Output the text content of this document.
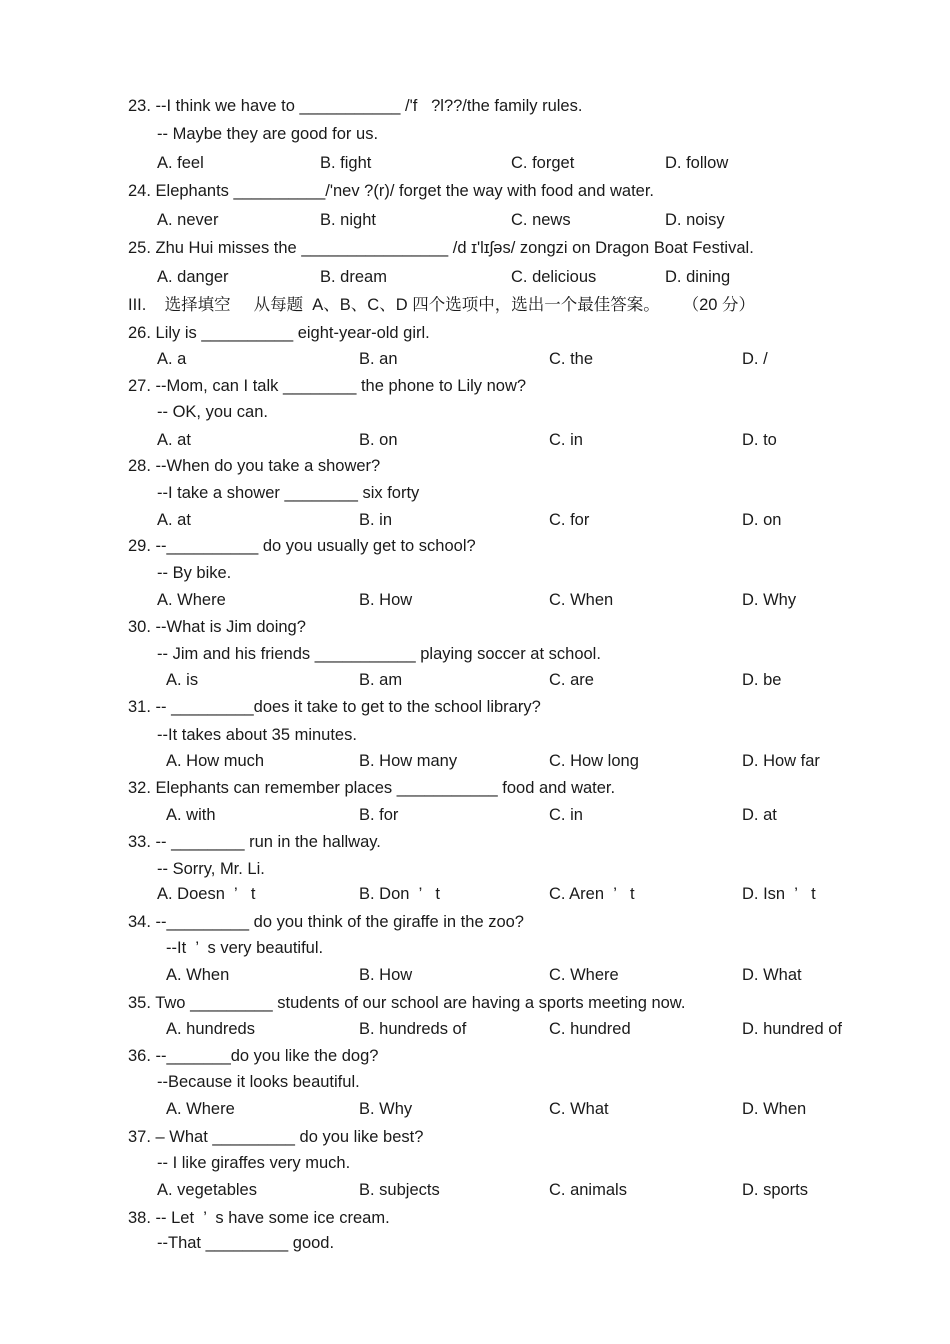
23. --I think we have to ___________ /'f   ?l??/the family rules.
-- Maybe they are good for us.
24. Elephants __________/'nev ?(r)/ forget the way with food and water.
25. Zhu Hui misses the ________________ /d ɪ'lɪʃəs/ zongzi on Dragon Boat Festival.
III.    选择填空     从每题  A、B、C、D 四个选项中，选出一个最佳答案。     （20 分）
26. Lily is __________ eight-year-old girl.
27. --Mom, can I talk ________ the phone to Lily now?
-- OK, you can.
28. --When do you take a shower?
--I take a shower ________ six forty
29. --__________ do you usually get to school?
-- By bike.
30. --What is Jim doing?
-- Jim and his friends ___________ playing soccer at school.
31. -- _________does it take to get to the school library?
--It takes about 35 minutes.
32. Elephants can remember places ___________ food and water.
33. -- ________ run in the hallway.
-- Sorry, Mr. Li.
34. --_________ do you think of the giraffe in the zoo?
--It  ’  s very beautiful.
35. Two _________ students of our school are having a sports meeting now.
36. --_______do you like the dog?
--Because it looks beautiful.
37. – What _________ do you like best?
-- I like giraffes very much.
38. -- Let  ’  s have some ice cream.
--That _________ good.
A. feel	B. fight	C. forget	D. follow
A. never	B. night	C. news	D. noisy
A. danger	B. dream	C. delicious	D. dining
A. a	B. an	C. the	D. /
A. at	B. on	C. in	D. to
A. at	B. in	C. for	D. on
A. Where	B. How	C. When	D. Why
A. is	B. am	C. are	D. be
A. How much	B. How many	C. How long	D. How far
A. with	B. for	C. in	D. at
A. Doesn  ’   t	B. Don  ’   t	C. Aren  ’   t	D. Isn  ’   t
A. When	B. How	C. Where	D. What
A. hundreds	B. hundreds of	C. hundred	D. hundred of
A. Where	B. Why	C. What	D. When
A. vegetables	B. subjects	C. animals	D. sports
